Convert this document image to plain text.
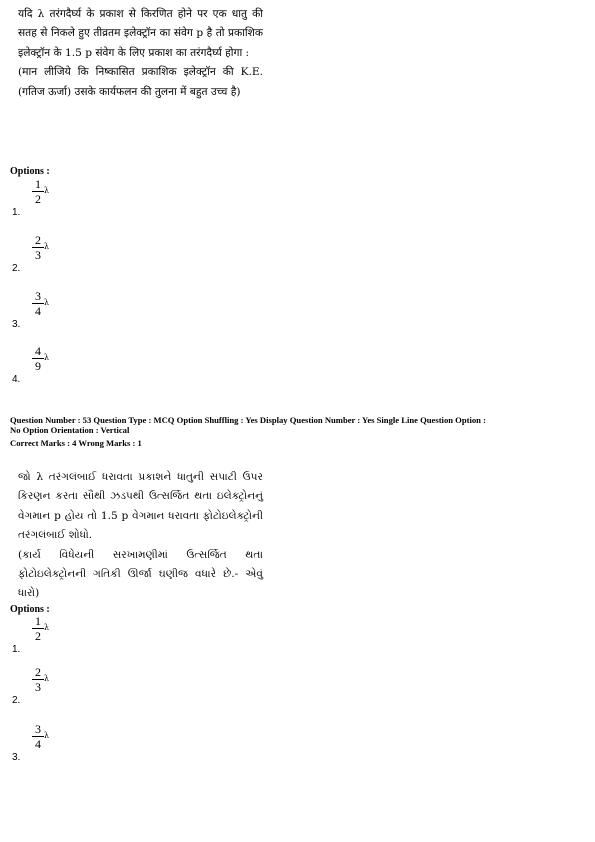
यदि λ तरंगदैर्घ्य के प्रकाश से किरणित होने पर एक धातु की सतह से निकले हुए तीव्रतम इलेक्ट्रॉन का संवेग p है तो प्रकाशिक इलेक्ट्रॉन के 1.5 p संवेग के लिए प्रकाश का तरंगदैर्घ्य होगा :

(मान लीजिये कि निष्कासित प्रकाशिक इलेक्ट्रॉन की K.E. (गतिज ऊर्जा) उसके कार्यफलन की तुलना में बहुत उच्च है)

Options :
1.
1
2
λ
2.
2
3
λ
3.
3
4
λ
4.
4
9
λ
Question Number : 53 Question Type : MCQ Option Shuffling : Yes Display Question Number : Yes Single Line Question Option :
No Option Orientation : Vertical
Correct Marks : 4 Wrong Marks : 1

જો λ તરંગલંબાઈ ધરાવતા પ્રકાશને ધાતુની સપાટી ઉપર કિરણન કરતા સૌથી ઝડપથી ઉત્સર્જિત થતા ઇલેક્ટ્રોનનું વેગમાન p હોય તો 1.5 p વેગમાન ધરાવતા ફોટોઇલેક્ટ્રોની તરંગલંબાઈ શોધો.

(કાર્ય વિધેયની સરખામણીમાં ઉત્સર્જિત થતા ફોટોઇલેક્ટ્રોનની ગતિકી ઊર્જા ઘણીજ વધારે છે.- એવું ધારો)

Options :
1.
1
2
λ
2.
2
3
λ
3.
3
4
λ
